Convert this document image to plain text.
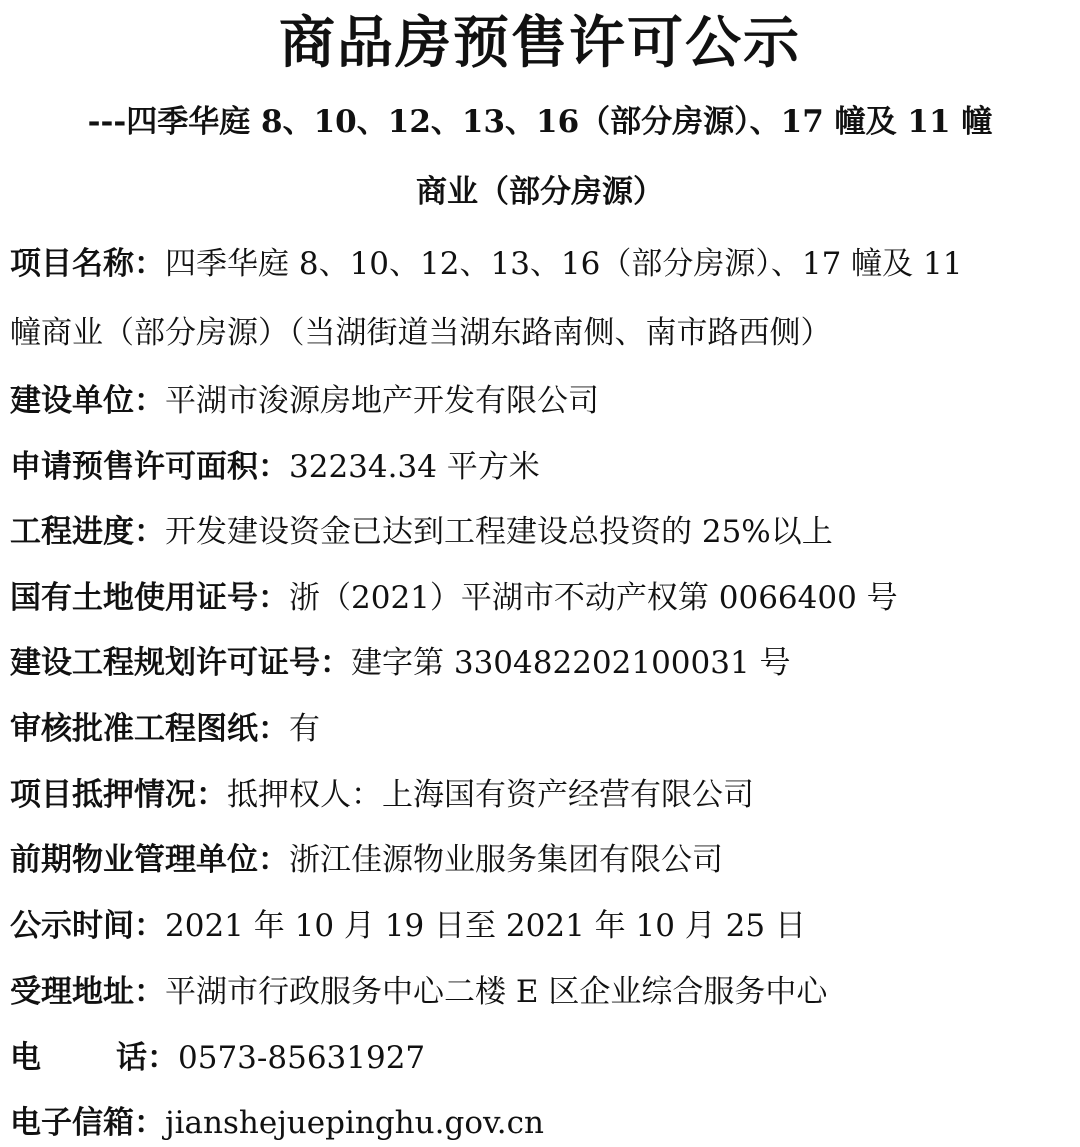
商品房预售许可公示
---四季华庭 8、10、12、13、16（部分房源）、17 幢及 11 幢
商业（部分房源）
项目名称：四季华庭 8、10、12、13、16（部分房源）、17 幢及 11
幢商业（部分房源）（当湖街道当湖东路南侧、南市路西侧）
建设单位：平湖市浚源房地产开发有限公司
申请预售许可面积：32234.34 平方米
工程进度：开发建设资金已达到工程建设总投资的 25%以上
国有土地使用证号：浙（2021）平湖市不动产权第 0066400 号
建设工程规划许可证号：建字第 330482202100031 号
审核批准工程图纸：有
项目抵押情况：抵押权人：上海国有资产经营有限公司
前期物业管理单位：浙江佳源物业服务集团有限公司
公示时间：2021 年 10 月 19 日至 2021 年 10 月 25 日
受理地址：平湖市行政服务中心二楼 E 区企业综合服务中心
电 话： 0573-85631927
电子信箱：jianshejuepinghu.gov.cn
